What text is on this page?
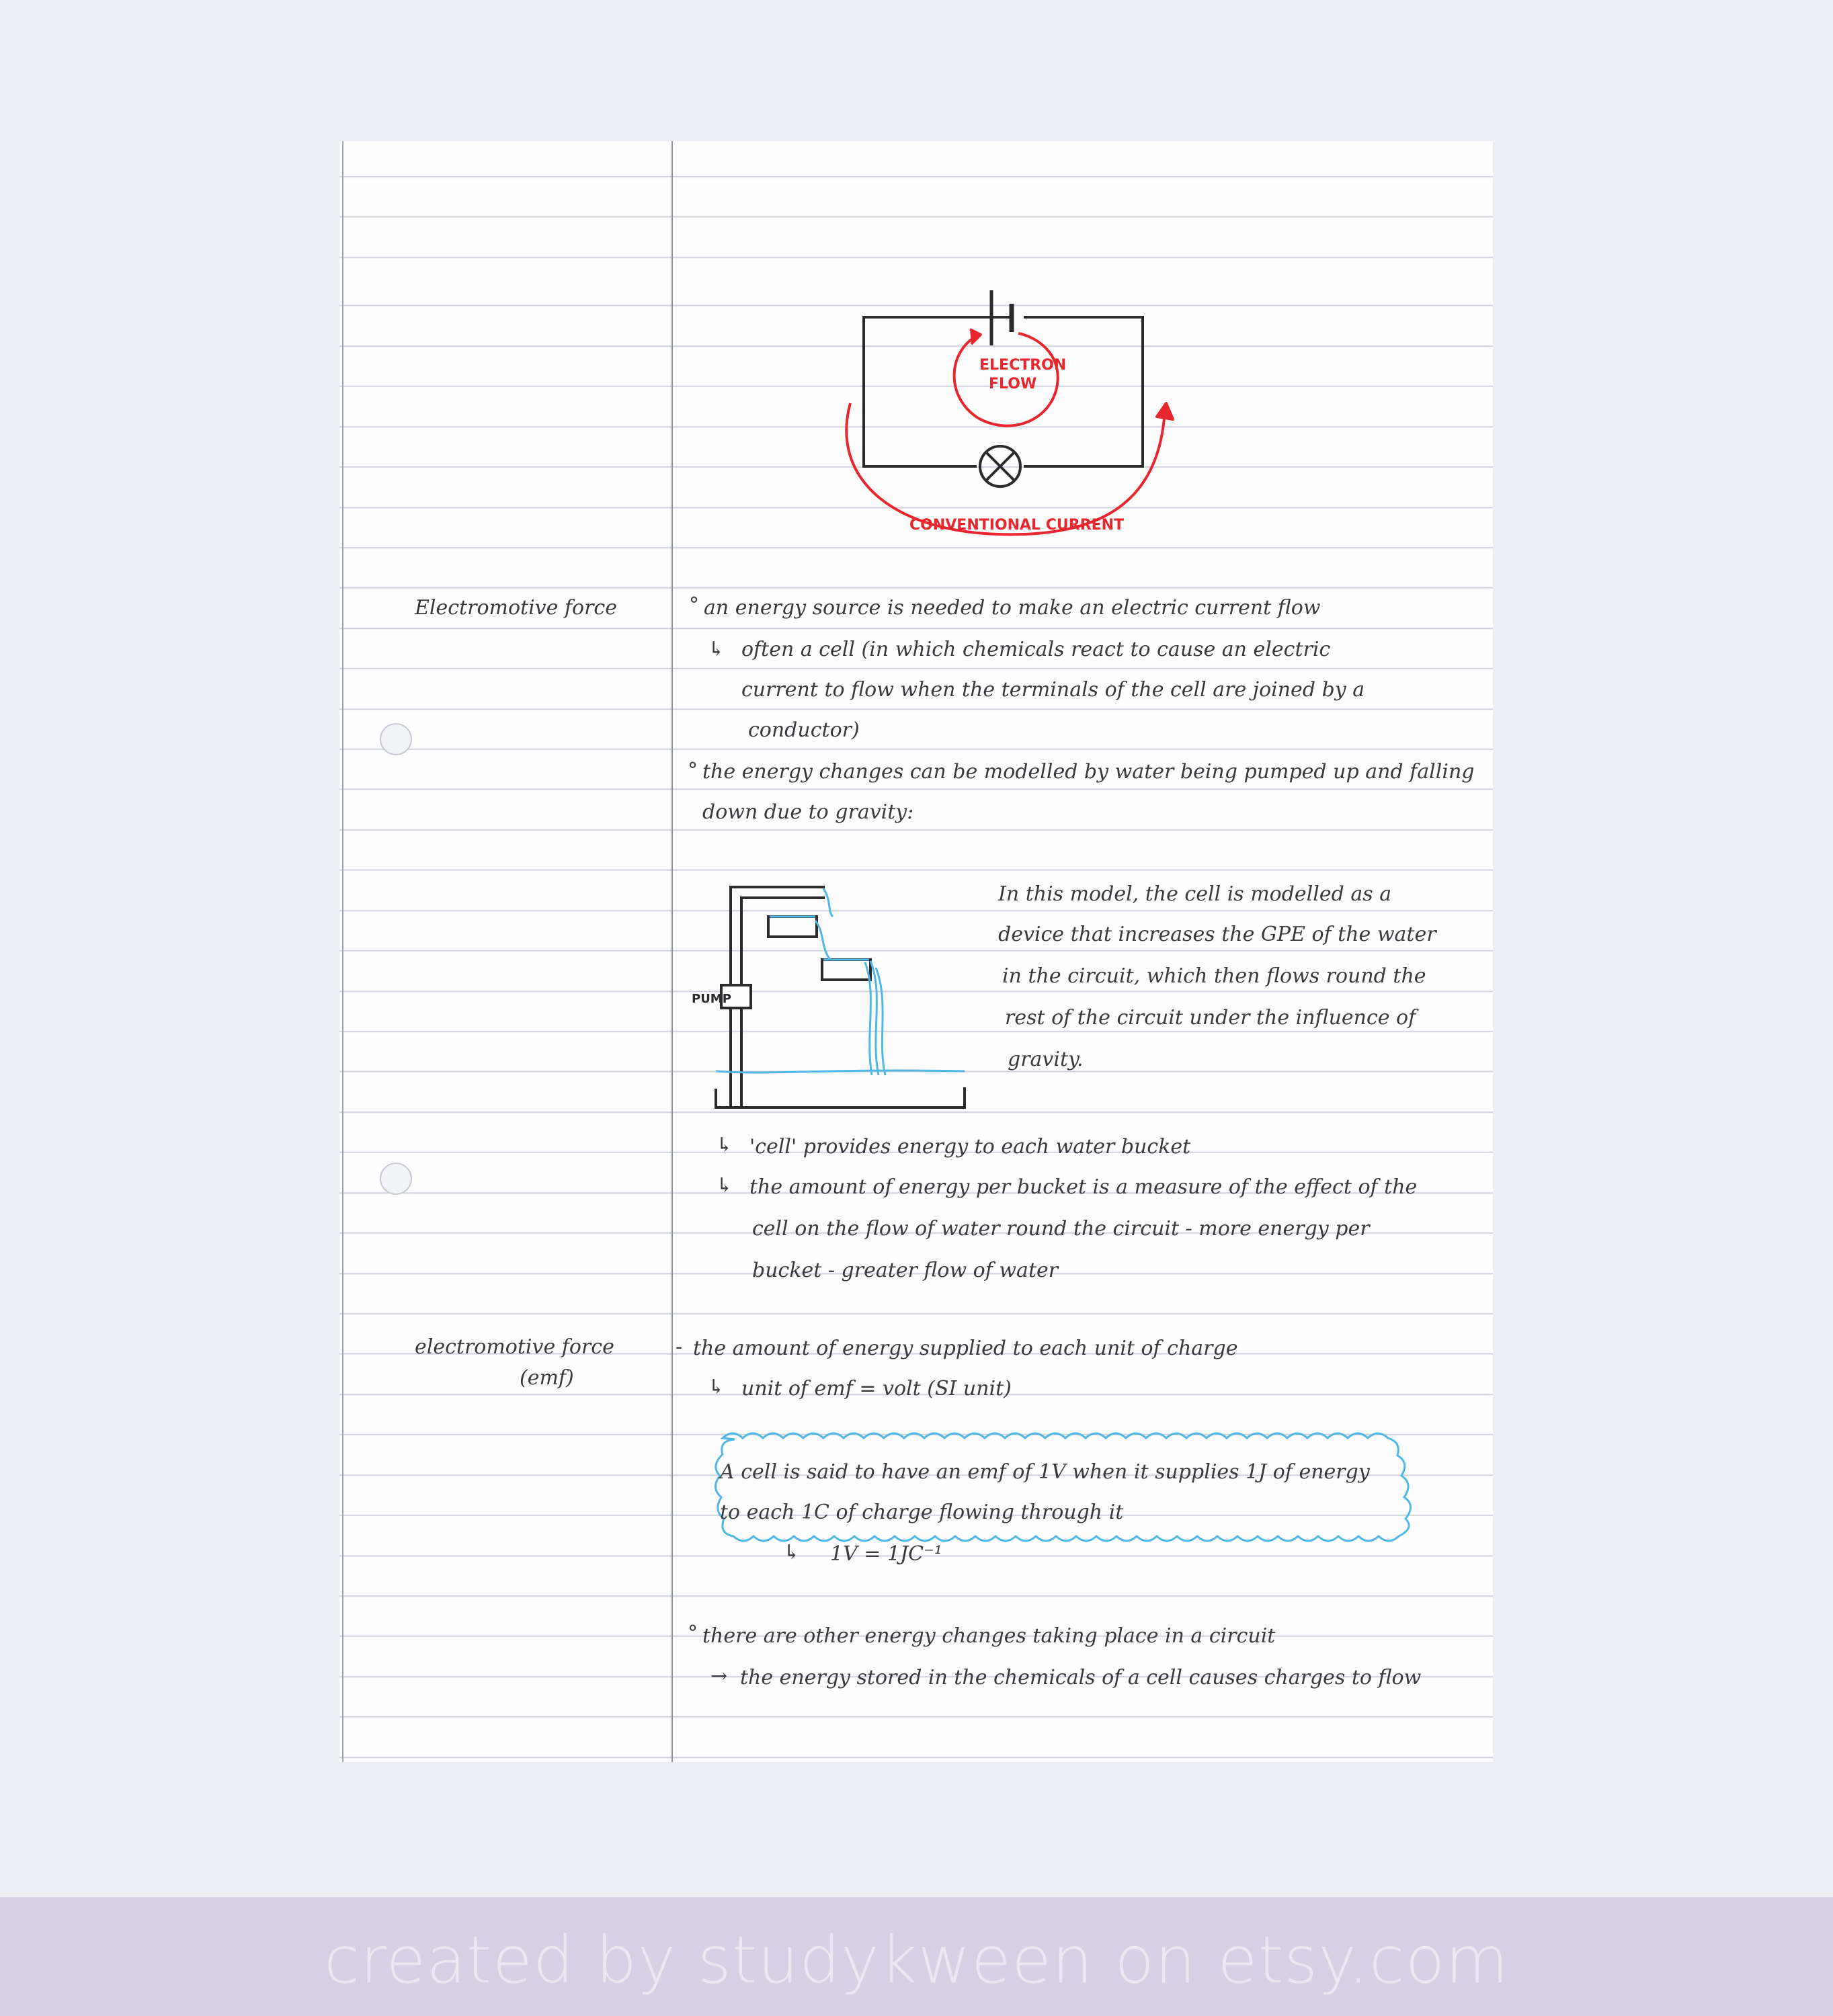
ELECTRON
FLOW
CONVENTIONAL CURRENT
Electromotive force
electromotive force
(emf)
° an energy source is needed to make an electric current flow
↳ often a cell (in which chemicals react to cause an electric
current to flow when the terminals of the cell are joined by a
conductor)
° the energy changes can be modelled by water being pumped up and falling
down due to gravity:
PUMP
In this model, the cell is modelled as a
device that increases the GPE of the water
in the circuit, which then flows round the
rest of the circuit under the influence of
gravity.
↳ 'cell' provides energy to each water bucket
↳ the amount of energy per bucket is a measure of the effect of the
cell on the flow of water round the circuit - more energy per
bucket - greater flow of water
- the amount of energy supplied to each unit of charge
↳ unit of emf = volt (SI unit)
A cell is said to have an emf of 1V when it supplies 1J of energy
to each 1C of charge flowing through it
↳ 1V = 1JC⁻¹
° there are other energy changes taking place in a circuit
→ the energy stored in the chemicals of a cell causes charges to flow
created by studykween on etsy.com
